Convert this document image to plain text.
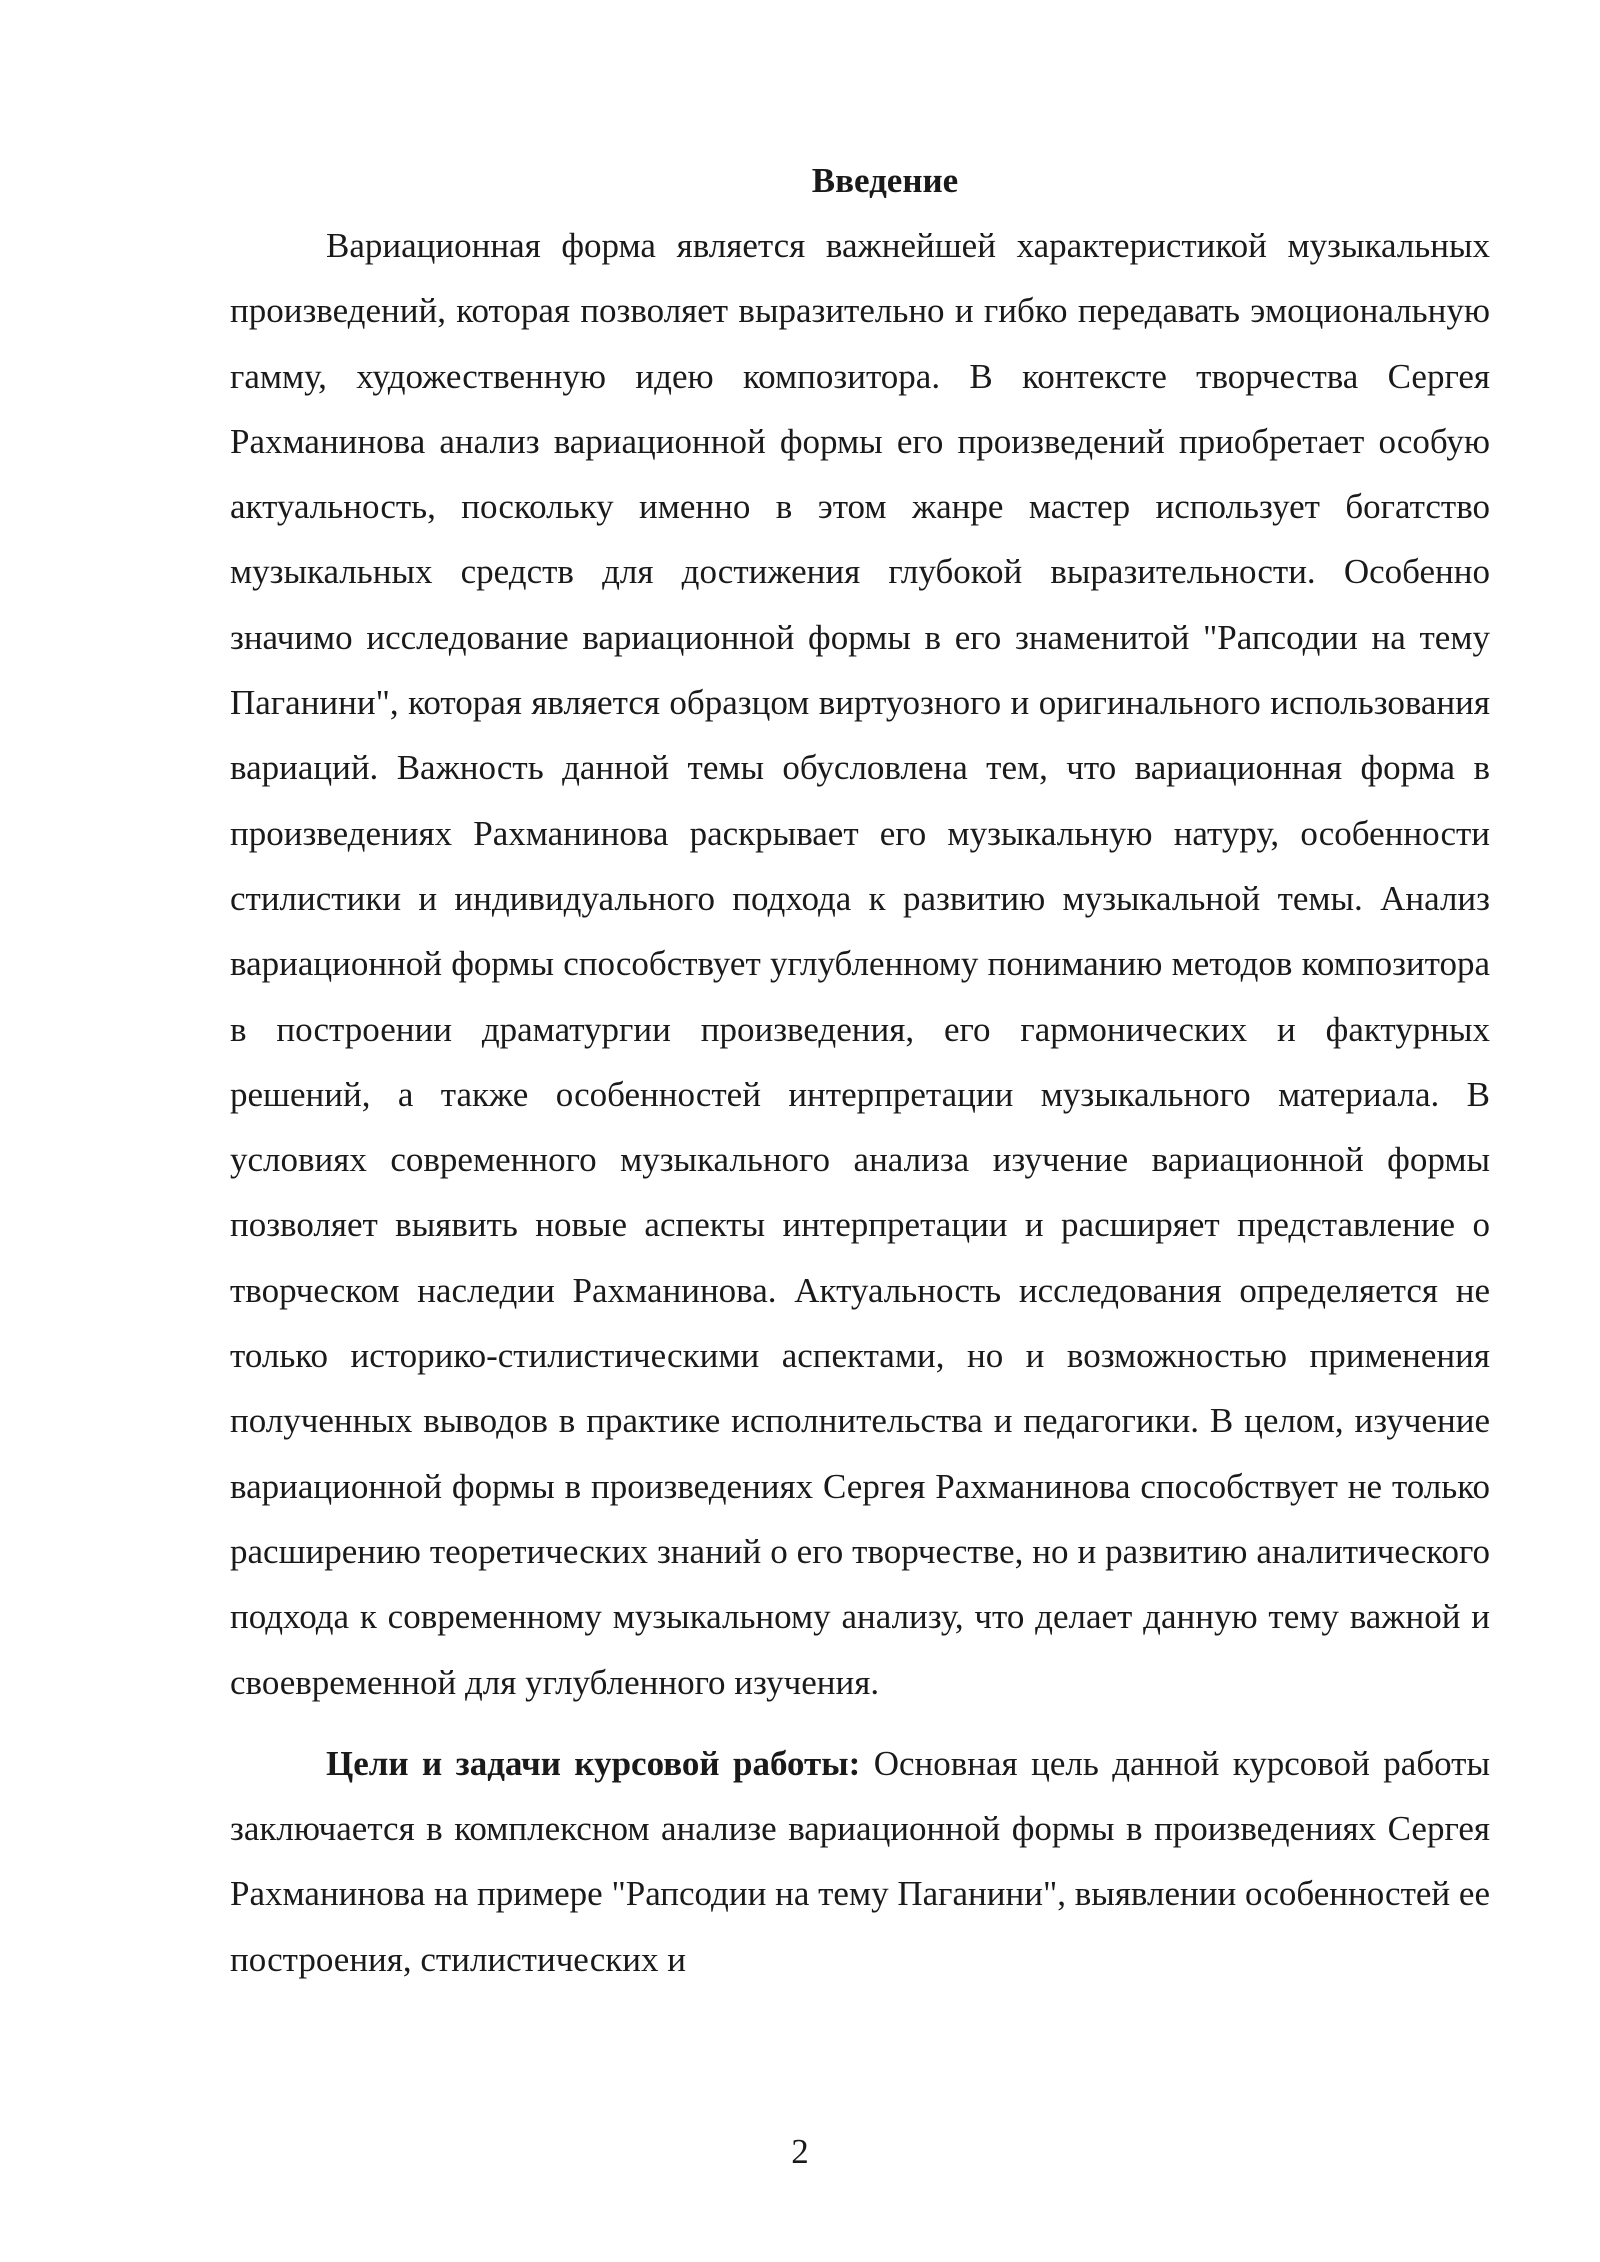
Введение

Вариационная форма является важнейшей характеристикой музыкальных произведений, которая позволяет выразительно и гибко передавать эмоциональную гамму, художественную идею композитора. В контексте творчества Сергея Рахманинова анализ вариационной формы его произведений приобретает особую актуальность, поскольку именно в этом жанре мастер использует богатство музыкальных средств для достижения глубокой выразительности. Особенно значимо исследование вариационной формы в его знаменитой "Рапсодии на тему Паганини", которая является образцом виртуозного и оригинального использования вариаций. Важность данной темы обусловлена тем, что вариационная форма в произведениях Рахманинова раскрывает его музыкальную натуру, особенности стилистики и индивидуального подхода к развитию музыкальной темы. Анализ вариационной формы способствует углубленному пониманию методов композитора в построении драматургии произведения, его гармонических и фактурных решений, а также особенностей интерпретации музыкального материала. В условиях современного музыкального анализа изучение вариационной формы позволяет выявить новые аспекты интерпретации и расширяет представление о творческом наследии Рахманинова. Актуальность исследования определяется не только историко-стилистическими аспектами, но и возможностью применения полученных выводов в практике исполнительства и педагогики. В целом, изучение вариационной формы в произведениях Сергея Рахманинова способствует не только расширению теоретических знаний о его творчестве, но и развитию аналитического подхода к современному музыкальному анализу, что делает данную тему важной и своевременной для углубленного изучения.

Цели и задачи курсовой работы: Основная цель данной курсовой работы заключается в комплексном анализе вариационной формы в произведениях Сергея Рахманинова на примере "Рапсодии на тему Паганини", выявлении особенностей ее построения, стилистических и

2
